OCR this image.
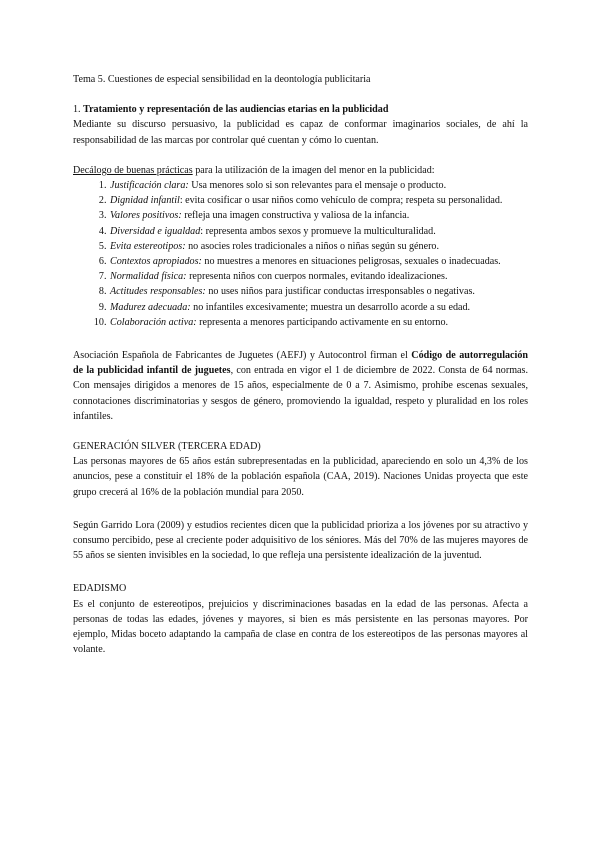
Tema 5. Cuestiones de especial sensibilidad en la deontología publicitaria

1. Tratamiento y representación de las audiencias etarias en la publicidad

Mediante su discurso persuasivo, la publicidad es capaz de conformar imaginarios sociales, de ahí la responsabilidad de las marcas por controlar qué cuentan y cómo lo cuentan.

Decálogo de buenas prácticas para la utilización de la imagen del menor en la publicidad:

1. Justificación clara: Usa menores solo si son relevantes para el mensaje o producto.
2. Dignidad infantil: evita cosificar o usar niños como vehículo de compra; respeta su personalidad.
3. Valores positivos: refleja una imagen constructiva y valiosa de la infancia.
4. Diversidad e igualdad: representa ambos sexos y promueve la multiculturalidad.
5. Evita estereotipos: no asocies roles tradicionales a niños o niñas según su género.
6. Contextos apropiados: no muestres a menores en situaciones peligrosas, sexuales o inadecuadas.
7. Normalidad física: representa niños con cuerpos normales, evitando idealizaciones.
8. Actitudes responsables: no uses niños para justificar conductas irresponsables o negativas.
9. Madurez adecuada: no infantiles excesivamente; muestra un desarrollo acorde a su edad.
10. Colaboración activa: representa a menores participando activamente en su entorno.

Asociación Española de Fabricantes de Juguetes (AEFJ) y Autocontrol firman el Código de autorregulación de la publicidad infantil de juguetes, con entrada en vigor el 1 de diciembre de 2022. Consta de 64 normas. Con mensajes dirigidos a menores de 15 años, especialmente de 0 a 7. Asimismo, prohíbe escenas sexuales, connotaciones discriminatorias y sesgos de género, promoviendo la igualdad, respeto y pluralidad en los roles infantiles.

GENERACIÓN SILVER (TERCERA EDAD)

Las personas mayores de 65 años están subrepresentadas en la publicidad, apareciendo en solo un 4,3% de los anuncios, pese a constituir el 18% de la población española (CAA, 2019). Naciones Unidas proyecta que este grupo crecerá al 16% de la población mundial para 2050.

Según Garrido Lora (2009) y estudios recientes dicen que la publicidad prioriza a los jóvenes por su atractivo y consumo percibido, pese al creciente poder adquisitivo de los séniores. Más del 70% de las mujeres mayores de 55 años se sienten invisibles en la sociedad, lo que refleja una persistente idealización de la juventud.

EDADISMO

Es el conjunto de estereotipos, prejuicios y discriminaciones basadas en la edad de las personas. Afecta a personas de todas las edades, jóvenes y mayores, si bien es más persistente en las personas mayores. Por ejemplo, Midas boceto adaptando la campaña de clase en contra de los estereotipos de las personas mayores al volante.
